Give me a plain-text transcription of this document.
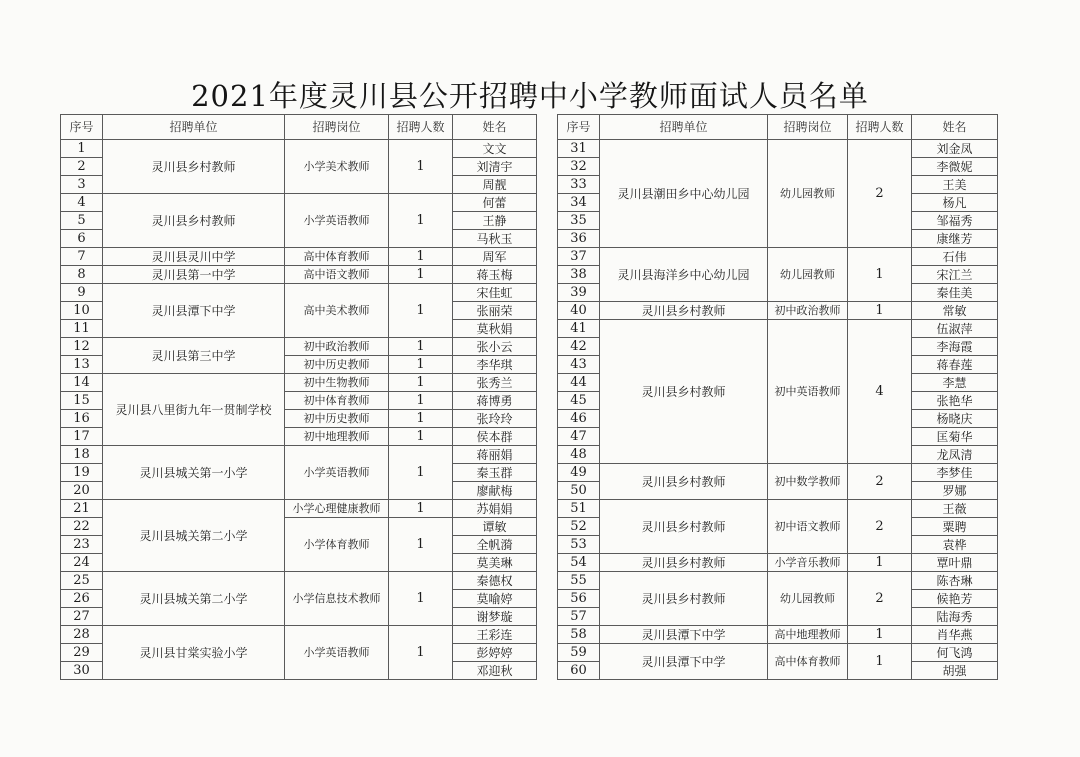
2021年度灵川县公开招聘中小学教师面试人员名单
序号	招聘单位	招聘岗位	招聘人数	姓名
1	灵川县乡村教师	小学美术教师	1	文文
2				刘清宇
3				周靓
4	灵川县乡村教师	小学英语教师	1	何蕾
5				王静
6				马秋玉
7	灵川县灵川中学	高中体育教师	1	周军
8	灵川县第一中学	高中语文教师	1	蒋玉梅
9	灵川县潭下中学	高中美术教师	1	宋佳虹
10				张丽荣
11				莫秋娟
12	灵川县第三中学	初中政治教师	1	张小云
13		初中历史教师	1	李华琪
14	灵川县八里街九年一贯制学校	初中生物教师	1	张秀兰
15		初中体育教师	1	蒋博勇
16		初中历史教师	1	张玲玲
17		初中地理教师	1	侯本群
18	灵川县城关第一小学	小学英语教师	1	蒋丽娟
19				秦玉群
20				廖献梅
21	灵川县城关第二小学	小学心理健康教师	1	苏娟娟
22		小学体育教师	1	谭敏
23				全帆漪
24				莫美琳
25	灵川县城关第二小学	小学信息技术教师	1	秦德权
26				莫喻婷
27				谢梦璇
28	灵川县甘棠实验小学	小学英语教师	1	王彩连
29				彭婷婷
30				邓迎秋
序号	招聘单位	招聘岗位	招聘人数	姓名
31	灵川县潮田乡中心幼儿园	幼儿园教师	2	刘金凤
32				李微妮
33				王美
34				杨凡
35				邹福秀
36				康继芳
37	灵川县海洋乡中心幼儿园	幼儿园教师	1	石伟
38				宋江兰
39				秦佳美
40	灵川县乡村教师	初中政治教师	1	常敏
41	灵川县乡村教师	初中英语教师	4	伍淑萍
42				李海霞
43				蒋春莲
44				李慧
45				张艳华
46				杨晓庆
47				匡菊华
48				龙凤清
49	灵川县乡村教师	初中数学教师	2	李梦佳
50				罗娜
51	灵川县乡村教师	初中语文教师	2	王薇
52				粟聘
53				袁桦
54	灵川县乡村教师	小学音乐教师	1	覃叶鼎
55	灵川县乡村教师	幼儿园教师	2	陈杏琳
56				候艳芳
57				陆海秀
58	灵川县潭下中学	高中地理教师	1	肖华燕
59	灵川县潭下中学	高中体育教师	1	何飞鸿
60				胡强
